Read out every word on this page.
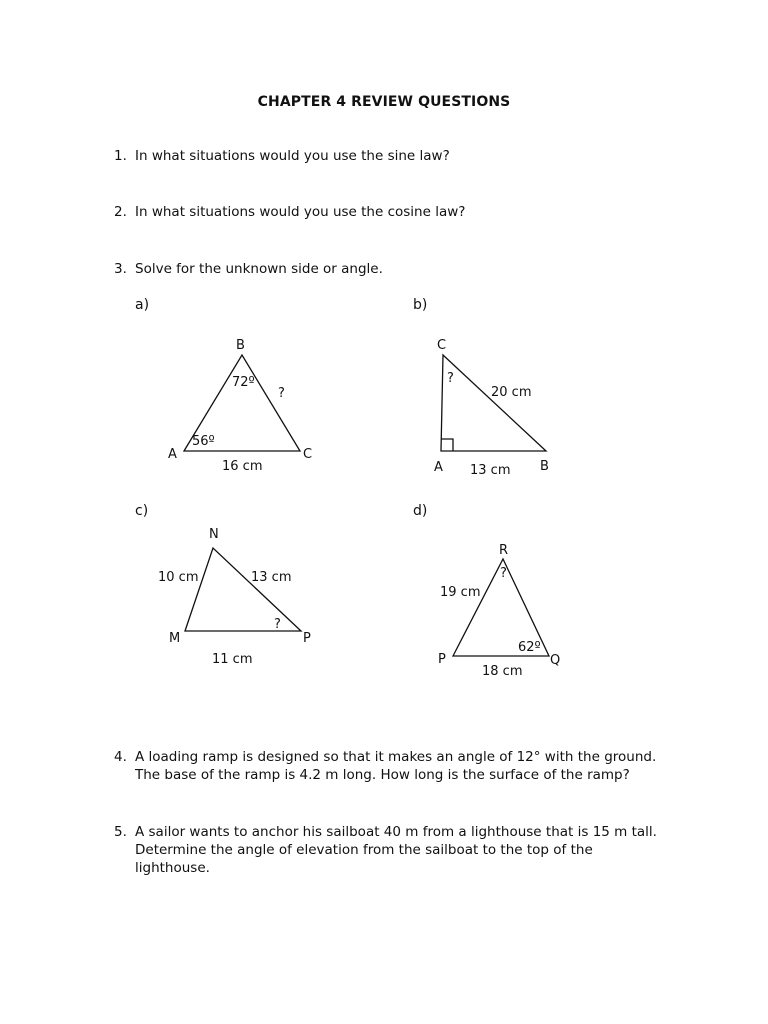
CHAPTER 4 REVIEW QUESTIONS
1. In what situations would you use the sine law?
2. In what situations would you use the cosine law?
3. Solve for the unknown side or angle.
a)	b)
c)	d)
B
A	C
72º
56º
?
16 cm
C
A	B
?
20 cm
13 cm
N
M	P
10 cm	13 cm
11 cm
?
R
P	Q
?
19 cm
62º
18 cm
4. A loading ramp is designed so that it makes an angle of 12° with the ground.
The base of the ramp is 4.2 m long. How long is the surface of the ramp?
5. A sailor wants to anchor his sailboat 40 m from a lighthouse that is 15 m tall.
Determine the angle of elevation from the sailboat to the top of the
lighthouse.
